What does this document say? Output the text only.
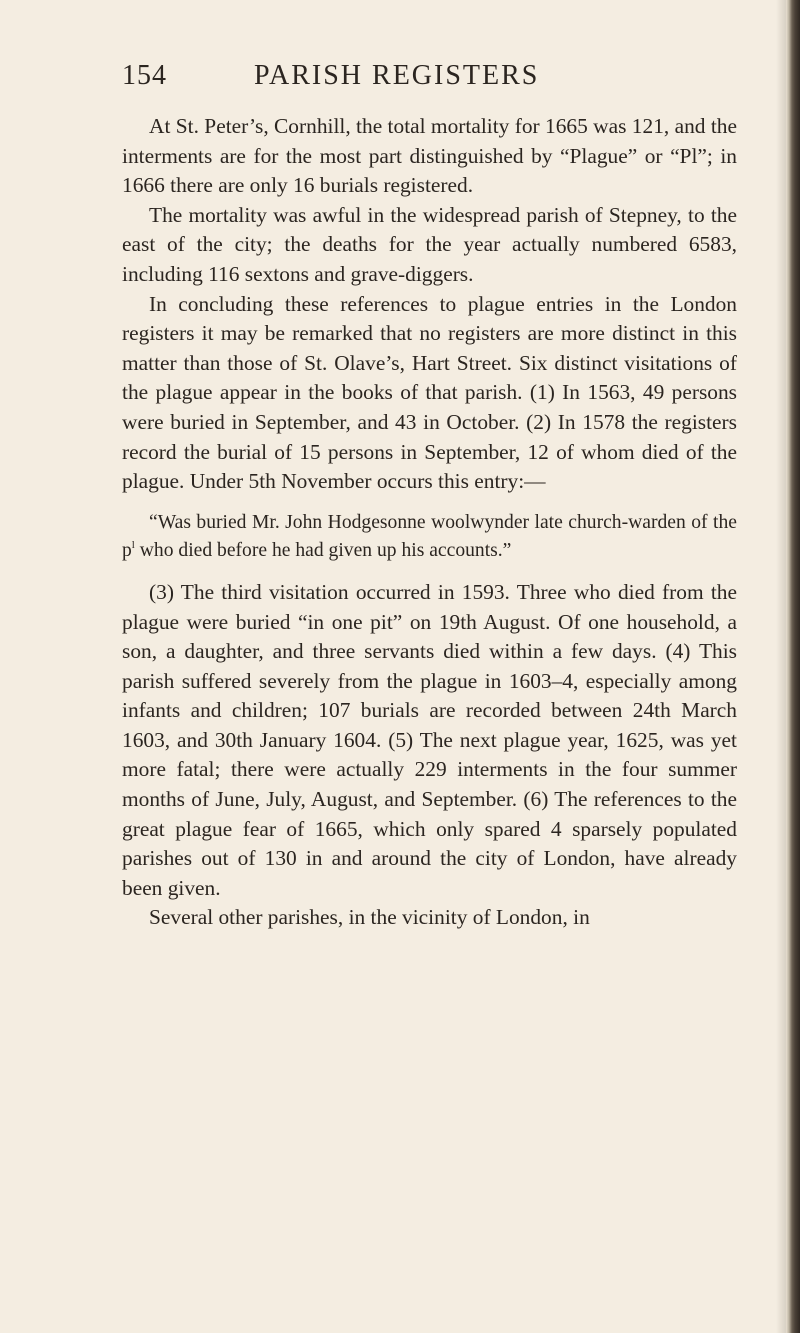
154	PARISH REGISTERS

At St. Peter’s, Cornhill, the total mortality for 1665 was 121, and the interments are for the most part distinguished by “Plague” or “Pl”; in 1666 there are only 16 burials registered.

The mortality was awful in the widespread parish of Stepney, to the east of the city; the deaths for the year actually numbered 6583, including 116 sextons and grave-diggers.

In concluding these references to plague entries in the London registers it may be remarked that no registers are more distinct in this matter than those of St. Olave’s, Hart Street. Six distinct visitations of the plague appear in the books of that parish. (1) In 1563, 49 persons were buried in September, and 43 in October. (2) In 1578 the registers record the burial of 15 persons in September, 12 of whom died of the plague. Under 5th November occurs this entry:—

“Was buried Mr. John Hodgesonne woolwynder late church-warden of the $p^l$ who died before he had given up his accounts.”

(3) The third visitation occurred in 1593. Three who died from the plague were buried “in one pit” on 19th August. Of one household, a son, a daughter, and three servants died within a few days. (4) This parish suffered severely from the plague in 1603–4, especially among infants and children; 107 burials are recorded between 24th March 1603, and 30th January 1604. (5) The next plague year, 1625, was yet more fatal; there were actually 229 interments in the four summer months of June, July, August, and September. (6) The references to the great plague fear of 1665, which only spared 4 sparsely populated parishes out of 130 in and around the city of London, have already been given.

Several other parishes, in the vicinity of London, in
